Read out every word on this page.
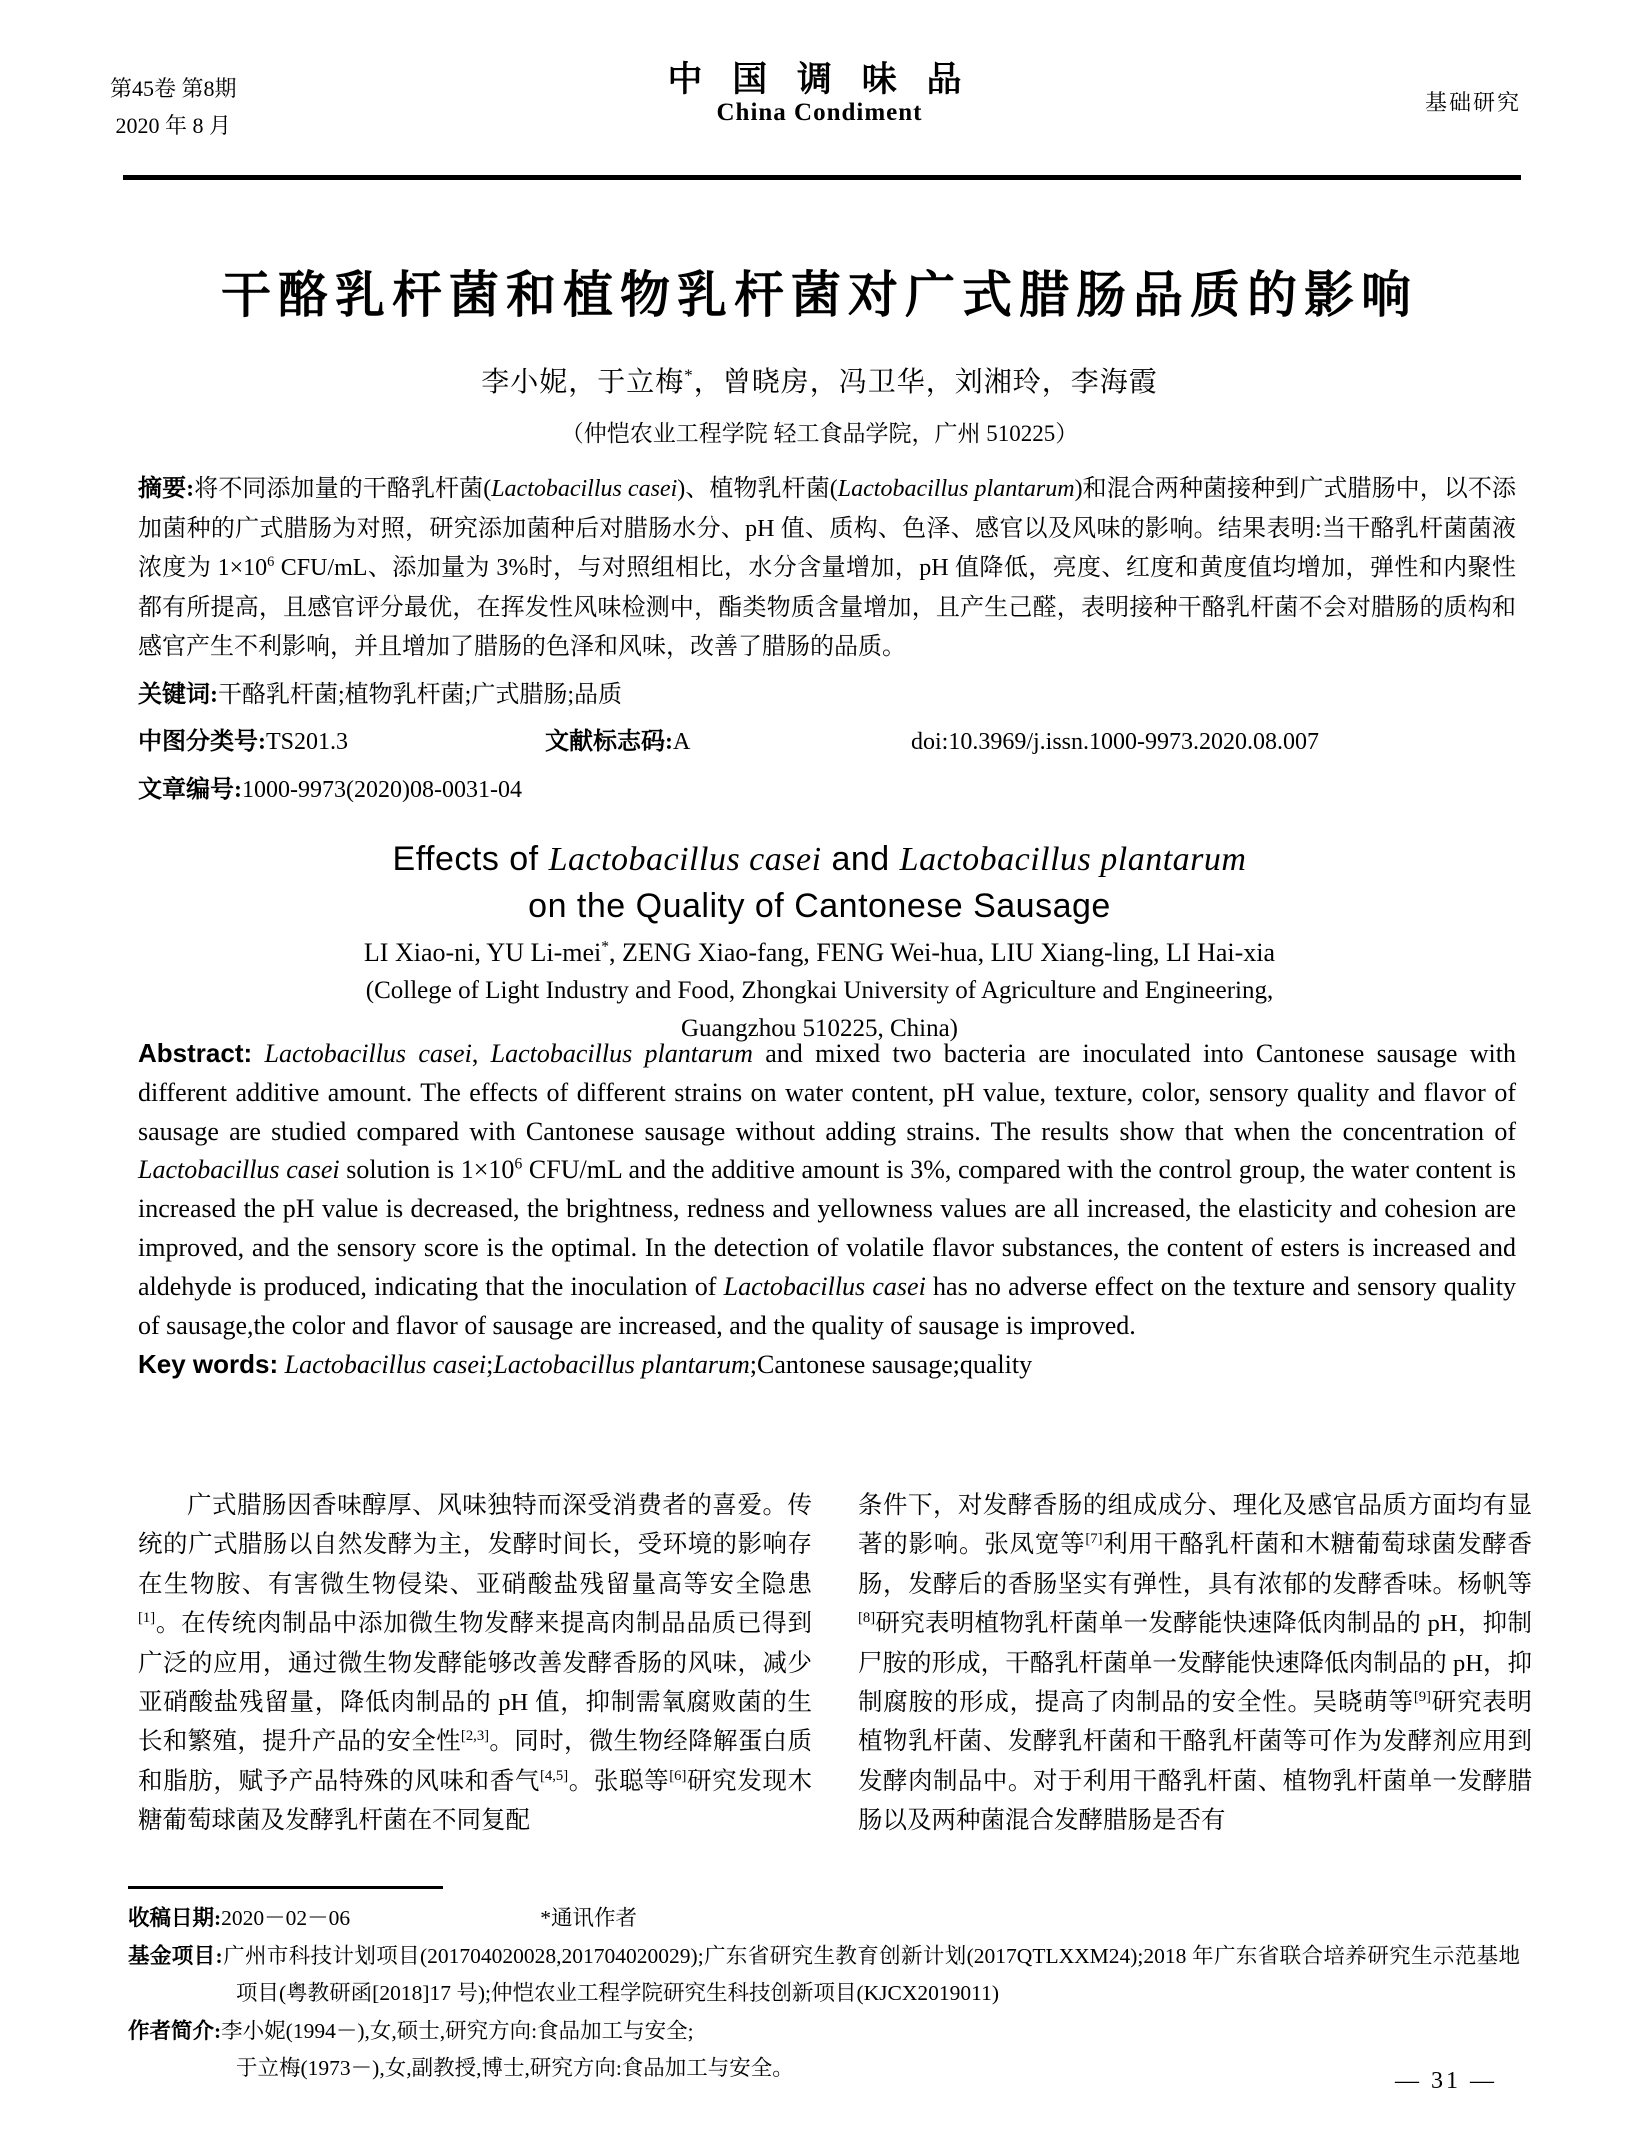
第45卷 第8期
2020 年 8 月
中 国 调 味 品
China Condiment	基础研究
干酪乳杆菌和植物乳杆菌对广式腊肠品质的影响
李小妮，于立梅*，曾晓房，冯卫华，刘湘玲，李海霞
（仲恺农业工程学院 轻工食品学院，广州 510225）

摘要:将不同添加量的干酪乳杆菌(Lactobacillus casei)、植物乳杆菌(Lactobacillus plantarum)和混合两种菌接种到广式腊肠中，以不添加菌种的广式腊肠为对照，研究添加菌种后对腊肠水分、pH 值、质构、色泽、感官以及风味的影响。结果表明:当干酪乳杆菌菌液浓度为 $1\times 10^6$ CFU/mL、添加量为 3%时，与对照组相比，水分含量增加，pH 值降低，亮度、红度和黄度值均增加，弹性和内聚性都有所提高，且感官评分最优，在挥发性风味检测中，酯类物质含量增加，且产生己醛，表明接种干酪乳杆菌不会对腊肠的质构和感官产生不利影响，并且增加了腊肠的色泽和风味，改善了腊肠的品质。

关键词:干酪乳杆菌;植物乳杆菌;广式腊肠;品质

中图分类号:TS201.3	文献标志码:A	doi:10.3969/j.issn.1000-9973.2020.08.007

文章编号:1000-9973(2020)08-0031-04

Effects of Lactobacillus casei and Lactobacillus plantarum
on the Quality of Cantonese Sausage
LI Xiao-ni, YU Li-mei*, ZENG Xiao-fang, FENG Wei-hua, LIU Xiang-ling, LI Hai-xia
(College of Light Industry and Food, Zhongkai University of Agriculture and Engineering,
Guangzhou 510225, China)

Abstract: Lactobacillus casei, Lactobacillus plantarum and mixed two bacteria are inoculated into Cantonese sausage with different additive amount. The effects of different strains on water content, pH value, texture, color, sensory quality and flavor of sausage are studied compared with Cantonese sausage without adding strains. The results show that when the concentration of Lactobacillus casei solution is $1\times 10^6$ CFU/mL and the additive amount is 3%, compared with the control group, the water content is increased the pH value is decreased, the brightness, redness and yellowness values are all increased, the elasticity and cohesion are improved, and the sensory score is the optimal. In the detection of volatile flavor substances, the content of esters is increased and aldehyde is produced, indicating that the inoculation of Lactobacillus casei has no adverse effect on the texture and sensory quality of sausage,the color and flavor of sausage are increased, and the quality of sausage is improved.

Key words: Lactobacillus casei;Lactobacillus plantarum;Cantonese sausage;quality

广式腊肠因香味醇厚、风味独特而深受消费者的喜爱。传统的广式腊肠以自然发酵为主，发酵时间长，受环境的影响存在生物胺、有害微生物侵染、亚硝酸盐残留量高等安全隐患[1]。在传统肉制品中添加微生物发酵来提高肉制品品质已得到广泛的应用，通过微生物发酵能够改善发酵香肠的风味，减少亚硝酸盐残留量，降低肉制品的 pH 值，抑制需氧腐败菌的生长和繁殖，提升产品的安全性[2,3]。同时，微生物经降解蛋白质和脂肪，赋予产品特殊的风味和香气[4,5]。张聪等[6]研究发现木糖葡萄球菌及发酵乳杆菌在不同复配

条件下，对发酵香肠的组成成分、理化及感官品质方面均有显著的影响。张凤宽等[7]利用干酪乳杆菌和木糖葡萄球菌发酵香肠，发酵后的香肠坚实有弹性，具有浓郁的发酵香味。杨帆等[8]研究表明植物乳杆菌单一发酵能快速降低肉制品的 pH，抑制尸胺的形成，干酪乳杆菌单一发酵能快速降低肉制品的 pH，抑制腐胺的形成，提高了肉制品的安全性。吴晓萌等[9]研究表明植物乳杆菌、发酵乳杆菌和干酪乳杆菌等可作为发酵剂应用到发酵肉制品中。对于利用干酪乳杆菌、植物乳杆菌单一发酵腊肠以及两种菌混合发酵腊肠是否有

收稿日期:2020－02－06	*通讯作者

基金项目:广州市科技计划项目(201704020028,201704020029);广东省研究生教育创新计划(2017QTLXXM24);2018 年广东省联合培养研究生示范基地项目(粤教研函[2018]17 号);仲恺农业工程学院研究生科技创新项目(KJCX2019011)

作者简介:李小妮(1994－),女,硕士,研究方向:食品加工与安全;
于立梅(1973－),女,副教授,博士,研究方向:食品加工与安全。	— 31 —
